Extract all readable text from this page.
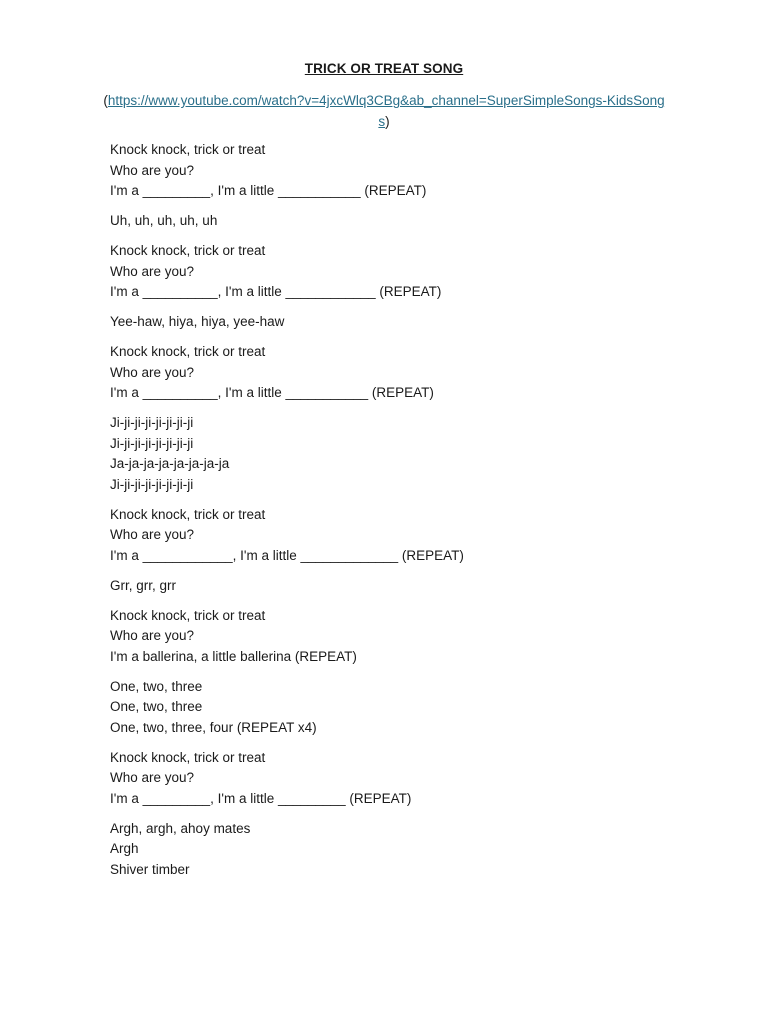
TRICK OR TREAT SONG
(https://www.youtube.com/watch?v=4jxcWlq3CBg&ab_channel=SuperSimpleSongs-KidsSongs)
Knock knock, trick or treat
Who are you?
I'm a _________, I'm a little ___________ (REPEAT)
Uh, uh, uh, uh, uh
Knock knock, trick or treat
Who are you?
I'm a __________, I'm a little ____________ (REPEAT)
Yee-haw, hiya, hiya, yee-haw
Knock knock, trick or treat
Who are you?
I'm a __________, I'm a little ___________ (REPEAT)
Ji-ji-ji-ji-ji-ji-ji-ji
Ji-ji-ji-ji-ji-ji-ji-ji
Ja-ja-ja-ja-ja-ja-ja-ja
Ji-ji-ji-ji-ji-ji-ji-ji
Knock knock, trick or treat
Who are you?
I'm a ____________, I'm a little _____________ (REPEAT)
Grr, grr, grr
Knock knock, trick or treat
Who are you?
I'm a ballerina, a little ballerina (REPEAT)
One, two, three
One, two, three
One, two, three, four (REPEAT x4)
Knock knock, trick or treat
Who are you?
I'm a _________, I'm a little _________ (REPEAT)
Argh, argh, ahoy mates
Argh
Shiver timber
